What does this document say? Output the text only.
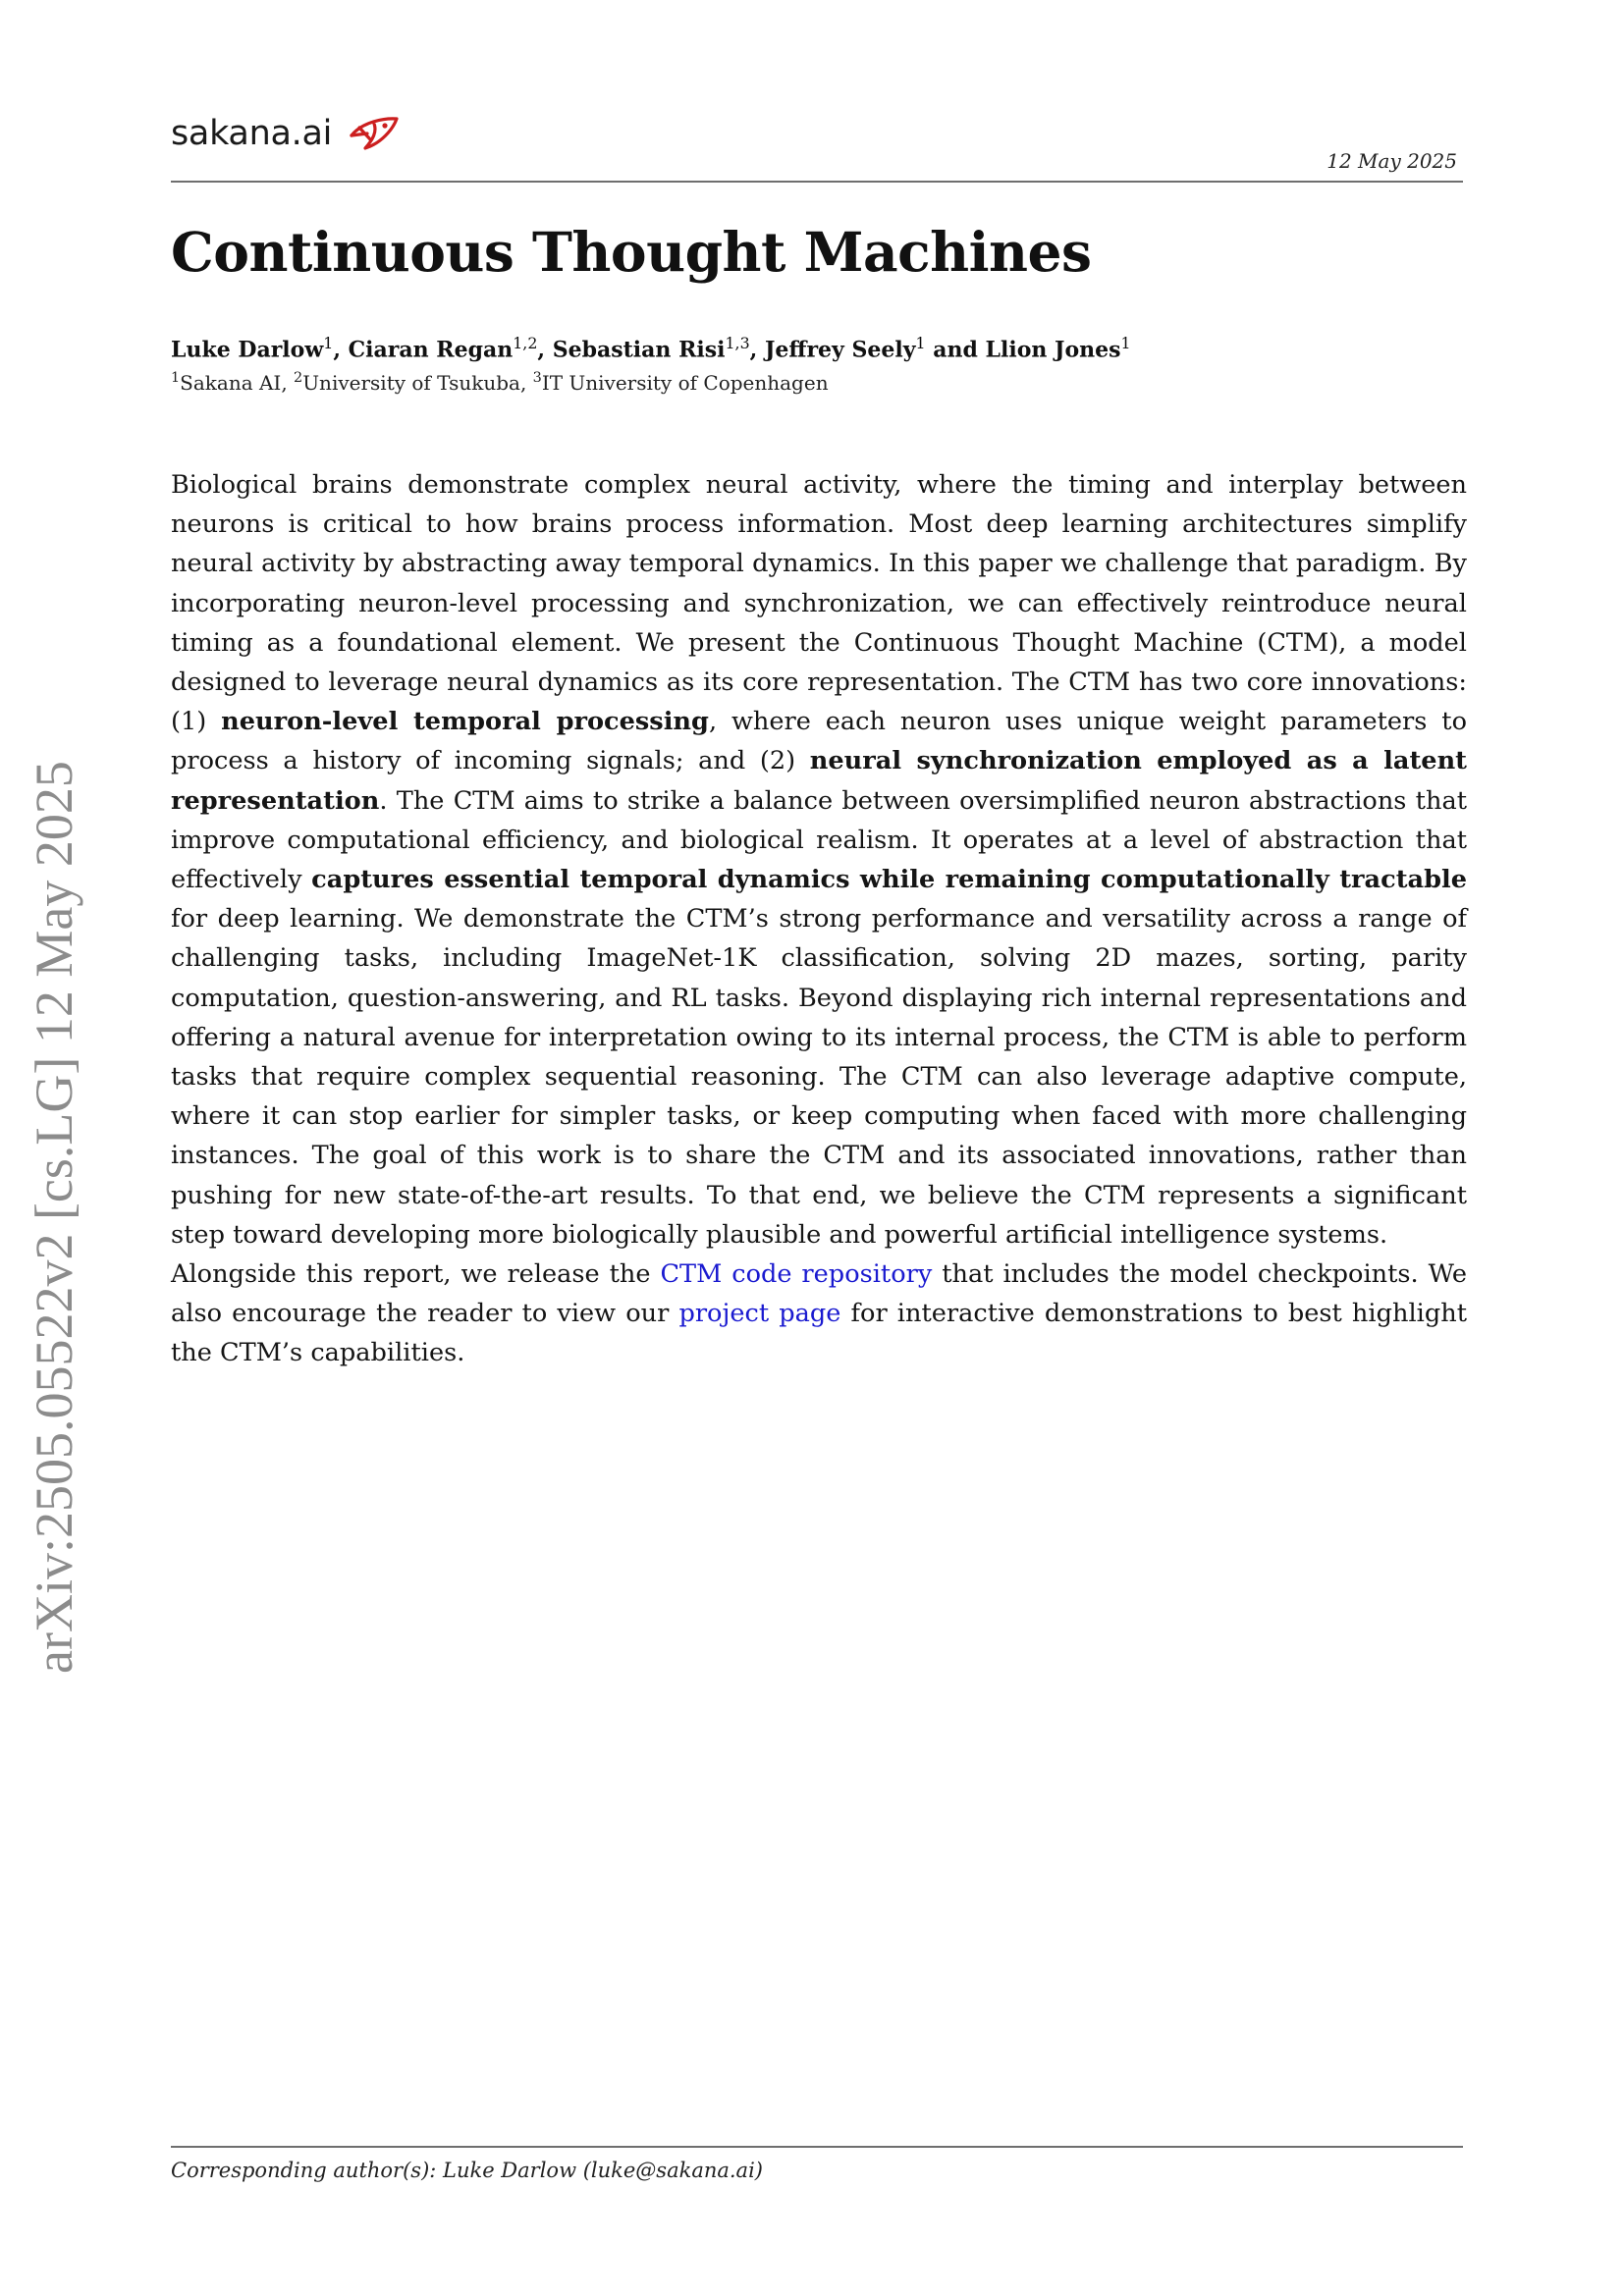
sakana.ai
12 May 2025
Continuous Thought Machines
Luke Darlow$^1$, Ciaran Regan$^{1,2}$, Sebastian Risi$^{1,3}$, Jeffrey Seely$^1$ and Llion Jones$^1$
$^1$Sakana AI, $^2$University of Tsukuba, $^3$IT University of Copenhagen

Biological brains demonstrate complex neural activity, where the timing and interplay between neurons is critical to how brains process information. Most deep learning architectures simplify neural activity by abstracting away temporal dynamics. In this paper we challenge that paradigm. By incorporating neuron-level processing and synchronization, we can effectively reintroduce neural timing as a foundational element. We present the Continuous Thought Machine (CTM), a model designed to leverage neural dynamics as its core representation. The CTM has two core innovations: (1) neuron-level temporal processing, where each neuron uses unique weight parameters to process a history of incoming signals; and (2) neural synchronization employed as a latent representation. The CTM aims to strike a balance between oversimplified neuron abstractions that improve computational efficiency, and biological realism. It operates at a level of abstraction that effectively captures essential temporal dynamics while remaining computationally tractable for deep learning. We demonstrate the CTM’s strong performance and versatility across a range of challenging tasks, including ImageNet-1K classification, solving 2D mazes, sorting, parity computation, question-answering, and RL tasks. Beyond displaying rich internal representations and offering a natural avenue for interpretation owing to its internal process, the CTM is able to perform tasks that require complex sequential reasoning. The CTM can also leverage adaptive compute, where it can stop earlier for simpler tasks, or keep computing when faced with more challenging instances. The goal of this work is to share the CTM and its associated innovations, rather than pushing for new state-of-the-art results. To that end, we believe the CTM represents a significant step toward developing more biologically plausible and powerful artificial intelligence systems.

Alongside this report, we release the CTM code repository that includes the model checkpoints. We also encourage the reader to view our project page for interactive demonstrations to best highlight the CTM’s capabilities.

arXiv:2505.05522v2 [cs.LG] 12 May 2025
Corresponding author(s): Luke Darlow (luke@sakana.ai)
